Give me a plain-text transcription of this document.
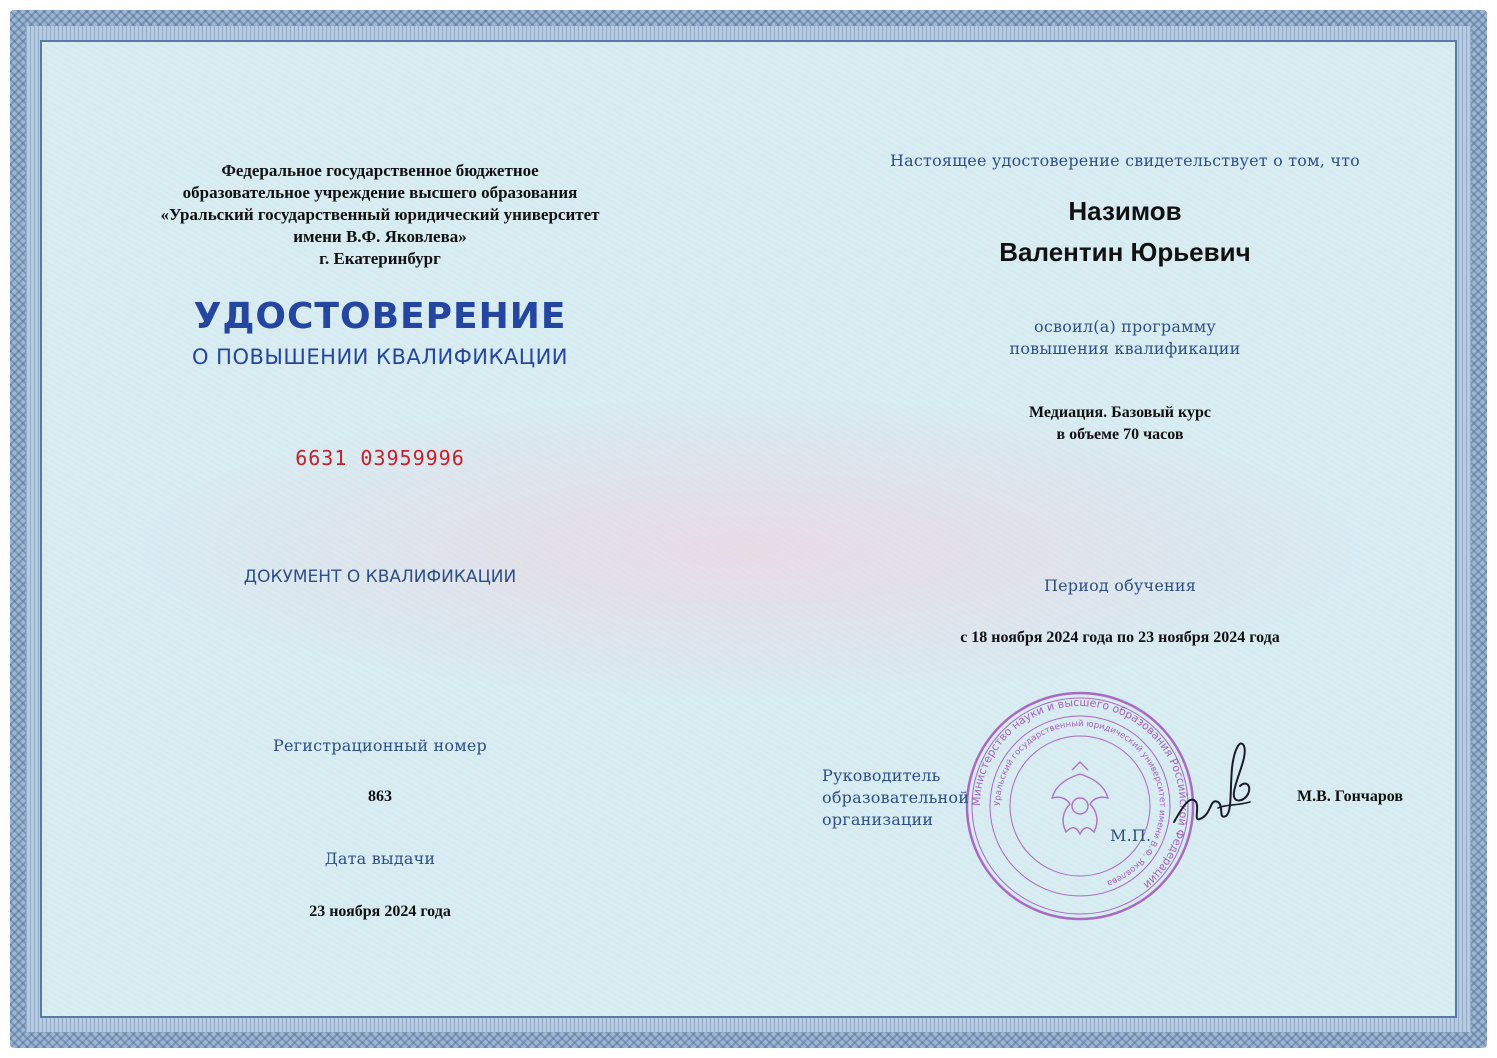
Федеральное государственное бюджетное
образовательное учреждение высшего образования
«Уральский государственный юридический университет
имени В.Ф. Яковлева»
г. Екатеринбург
УДОСТОВЕРЕНИЕ
О ПОВЫШЕНИИ КВАЛИФИКАЦИИ
6631 03959996
ДОКУМЕНТ О КВАЛИФИКАЦИИ
Регистрационный номер
863
Дата выдачи
23 ноября 2024 года
Настоящее удостоверение свидетельствует о том, что
Назимов
Валентин Юрьевич
освоил(а) программу
повышения квалификации
Медиация. Базовый курс
в объеме 70 часов
Период обучения
с 18 ноября 2024 года по 23 ноября 2024 года
Министерство науки и высшего образования Российской Федерации
Уральский государственный юридический университет имени В.Ф. Яковлева
Руководитель
образовательной организации
М.П.
М.В. Гончаров
